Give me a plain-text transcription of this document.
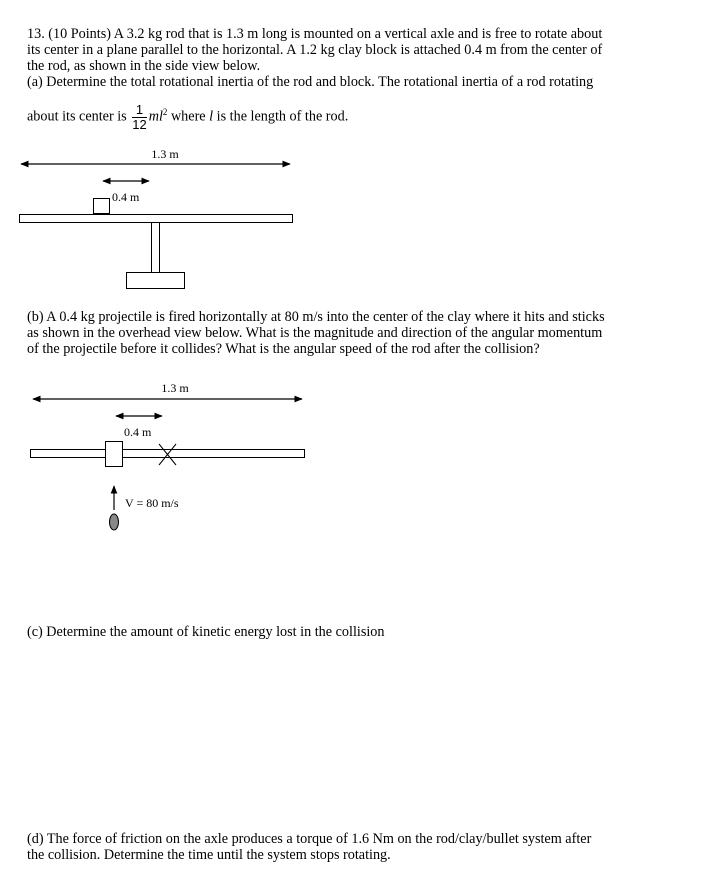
13. (10 Points) A 3.2 kg rod that is 1.3 m long is mounted on a vertical axle and is free to rotate about
its center in a plane parallel to the horizontal. A 1.2 kg clay block is attached 0.4 m from the center of
the rod, as shown in the side view below.
(a) Determine the total rotational inertia of the rod and block. The rotational inertia of a rod rotating
about its center is $\frac{1}{12} ml^2$ where l is the length of the rod.
(b) A 0.4 kg projectile is fired horizontally at 80 m/s into the center of the clay where it hits and sticks
as shown in the overhead view below. What is the magnitude and direction of the angular momentum
of the projectile before it collides? What is the angular speed of the rod after the collision?
(c) Determine the amount of kinetic energy lost in the collision
(d) The force of friction on the axle produces a torque of 1.6 Nm on the rod/clay/bullet system after
the collision. Determine the time until the system stops rotating.
1.3 m
0.4 m
1.3 m
0.4 m
V = 80 m/s
